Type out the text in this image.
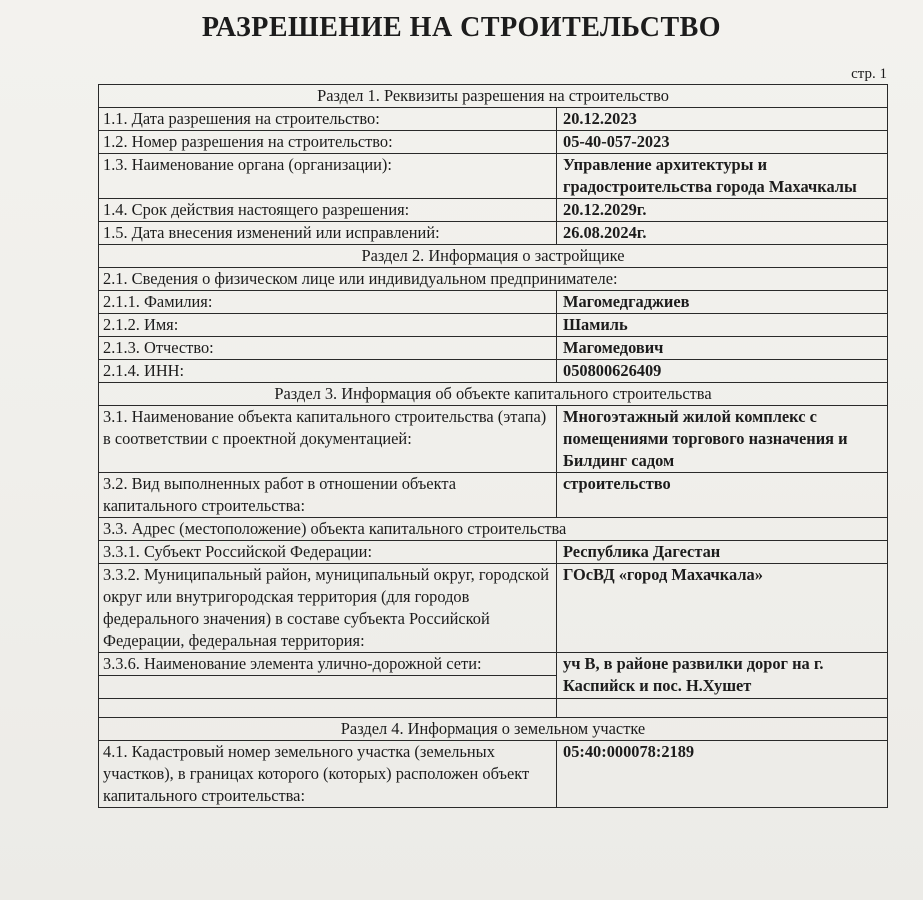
РАЗРЕШЕНИЕ НА СТРОИТЕЛЬСТВО
стр. 1
Раздел 1. Реквизиты разрешения на строительство	
1.1. Дата разрешения на строительство:	20.12.2023
1.2. Номер разрешения на строительство:	05-40-057-2023
1.3. Наименование органа (организации):	Управление архитектуры и градостроительства города Махачкалы
1.4. Срок действия настоящего разрешения:	20.12.2029г.
1.5. Дата внесения изменений или исправлений:	26.08.2024г.
Раздел 2. Информация о застройщике	
2.1. Сведения о физическом лице или индивидуальном предпринимателе:	
2.1.1. Фамилия:	Магомедгаджиев
2.1.2. Имя:	Шамиль
2.1.3. Отчество:	Магомедович
2.1.4. ИНН:	050800626409
Раздел 3. Информация об объекте капитального строительства	
3.1. Наименование объекта капитального строительства (этапа) в соответствии с проектной документацией:	Многоэтажный жилой комплекс с помещениями торгового назначения и Билдинг садом
3.2. Вид выполненных работ в отношении объекта капитального строительства:	строительство
3.3. Адрес (местоположение) объекта капитального строительства	
3.3.1. Субъект Российской Федерации:	Республика Дагестан
3.3.2. Муниципальный район, муниципальный округ, городской округ или внутригородская территория (для городов федерального значения) в составе субъекта Российской Федерации, федеральная территория:	ГОсВД «город Махачкала»
3.3.6. Наименование элемента улично-дорожной сети:	уч В, в районе развилки дорог на г. Каспийск и пос. Н.Хушет

Раздел 4. Информация о земельном участке	
4.1. Кадастровый номер земельного участка (земельных участков), в границах которого (которых) расположен объект капитального строительства:	05:40:000078:2189
